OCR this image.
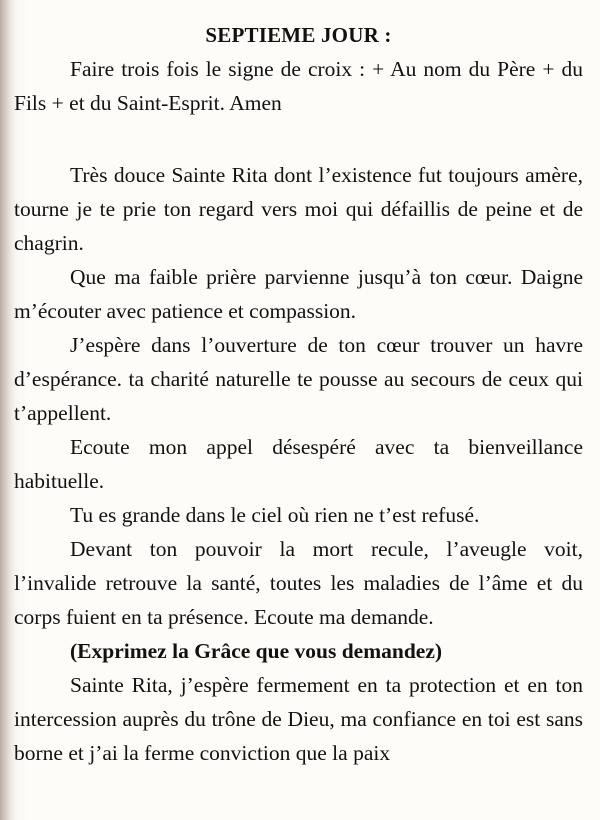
SEPTIEME JOUR :

Faire trois fois le signe de croix : + Au nom du Père + du Fils + et du Saint-Esprit. Amen

Très douce Sainte Rita dont l’existence fut toujours amère, tourne je te prie ton regard vers moi qui défaillis de peine et de chagrin.

Que ma faible prière parvienne jusqu’à ton cœur. Daigne m’écouter avec patience et compassion.

J’espère dans l’ouverture de ton cœur trouver un havre d’espérance. ta charité naturelle te pousse au secours de ceux qui t’appellent.

Ecoute mon appel désespéré avec ta bienveillance habituelle.

Tu es grande dans le ciel où rien ne t’est refusé.

Devant ton pouvoir la mort recule, l’aveugle voit, l’invalide retrouve la santé, toutes les maladies de l’âme et du corps fuient en ta présence. Ecoute ma demande.

(Exprimez la Grâce que vous demandez)

Sainte Rita, j’espère fermement en ta protection et en ton intercession auprès du trône de Dieu, ma confiance en toi est sans borne et j’ai la ferme conviction que la paix
